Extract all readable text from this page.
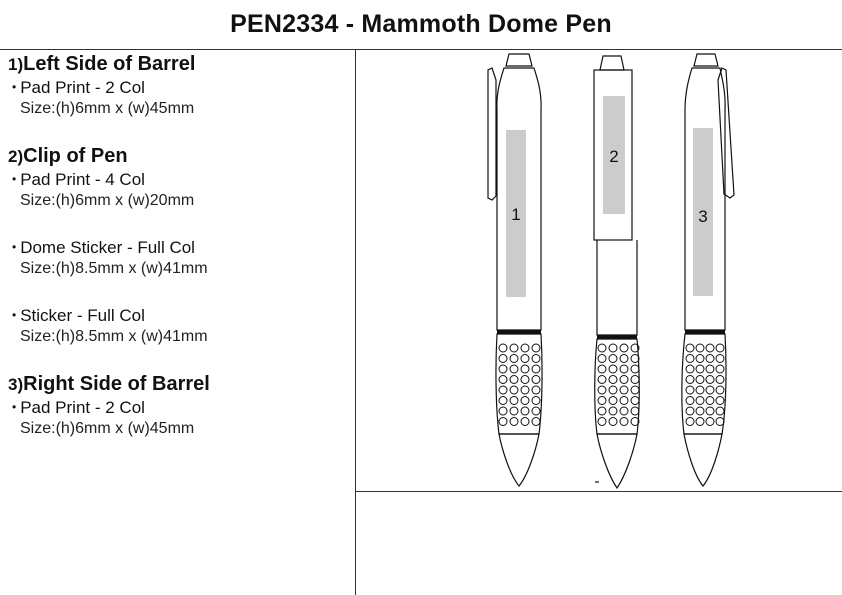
PEN2334 - Mammoth Dome Pen
1)Left Side of Barrel
• Pad Print - 2 Col
Size:(h)6mm x (w)45mm
2)Clip of Pen
• Pad Print - 4 Col
Size:(h)6mm x (w)20mm
• Dome Sticker - Full Col
Size:(h)8.5mm x (w)41mm
• Sticker - Full Col
Size:(h)8.5mm x (w)41mm
3)Right Side of Barrel
• Pad Print - 2 Col
Size:(h)6mm x (w)45mm
1
2
3
